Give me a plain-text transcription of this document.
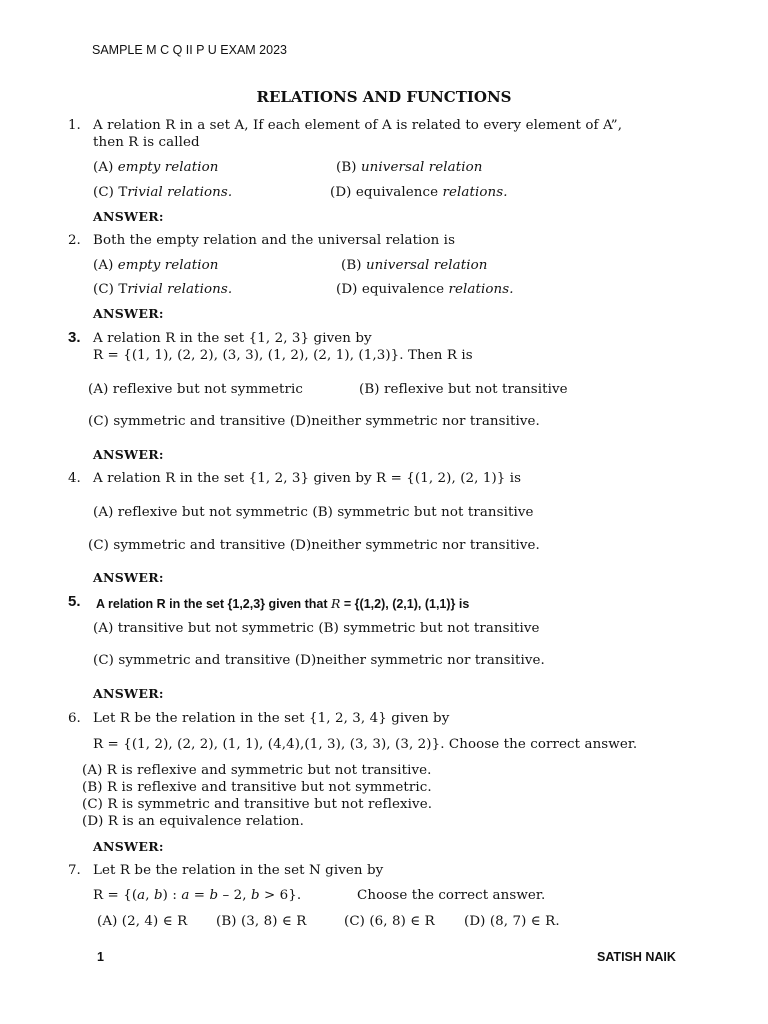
SAMPLE M C Q II P U EXAM 2023
RELATIONS AND FUNCTIONS
1. A relation R in a set A, If each element of A is related to every element of A”,
then R is called
(A) empty relation	(B) universal relation
(C) Trivial relations.	(D) equivalence relations.
ANSWER:
2. Both the empty relation and the universal relation is
(A) empty relation	(B) universal relation
(C) Trivial relations.	(D) equivalence relations.
ANSWER:
3. A relation R in the set {1, 2, 3} given by
R = {(1, 1), (2, 2), (3, 3), (1, 2), (2, 1), (1,3)}. Then R is
(A) reflexive but not symmetric	(B) reflexive but not transitive
(C) symmetric and transitive (D)neither symmetric nor transitive.
ANSWER:
4. A relation R in the set {1, 2, 3} given by R = {(1, 2), (2, 1)} is
(A) reflexive but not symmetric (B) symmetric but not transitive
(C) symmetric and transitive (D)neither symmetric nor transitive.
ANSWER:
5. A relation R in the set {1,2,3} given that R = {(1,2), (2,1), (1,1)} is
(A) transitive but not symmetric (B) symmetric but not transitive
(C) symmetric and transitive (D)neither symmetric nor transitive.
ANSWER:
6. Let R be the relation in the set {1, 2, 3, 4} given by
R = {(1, 2), (2, 2), (1, 1), (4,4),(1, 3), (3, 3), (3, 2)}. Choose the correct answer.
(A) R is reflexive and symmetric but not transitive.
(B) R is reflexive and transitive but not symmetric.
(C) R is symmetric and transitive but not reflexive.
(D) R is an equivalence relation.
ANSWER:
7. Let R be the relation in the set N given by
R = {(a, b) : a = b – 2, b > 6}.	Choose the correct answer.
(A) (2, 4) ∈ R (B) (3, 8) ∈ R	(C) (6, 8) ∈ R (D) (8, 7) ∈ R.
1	SATISH NAIK
